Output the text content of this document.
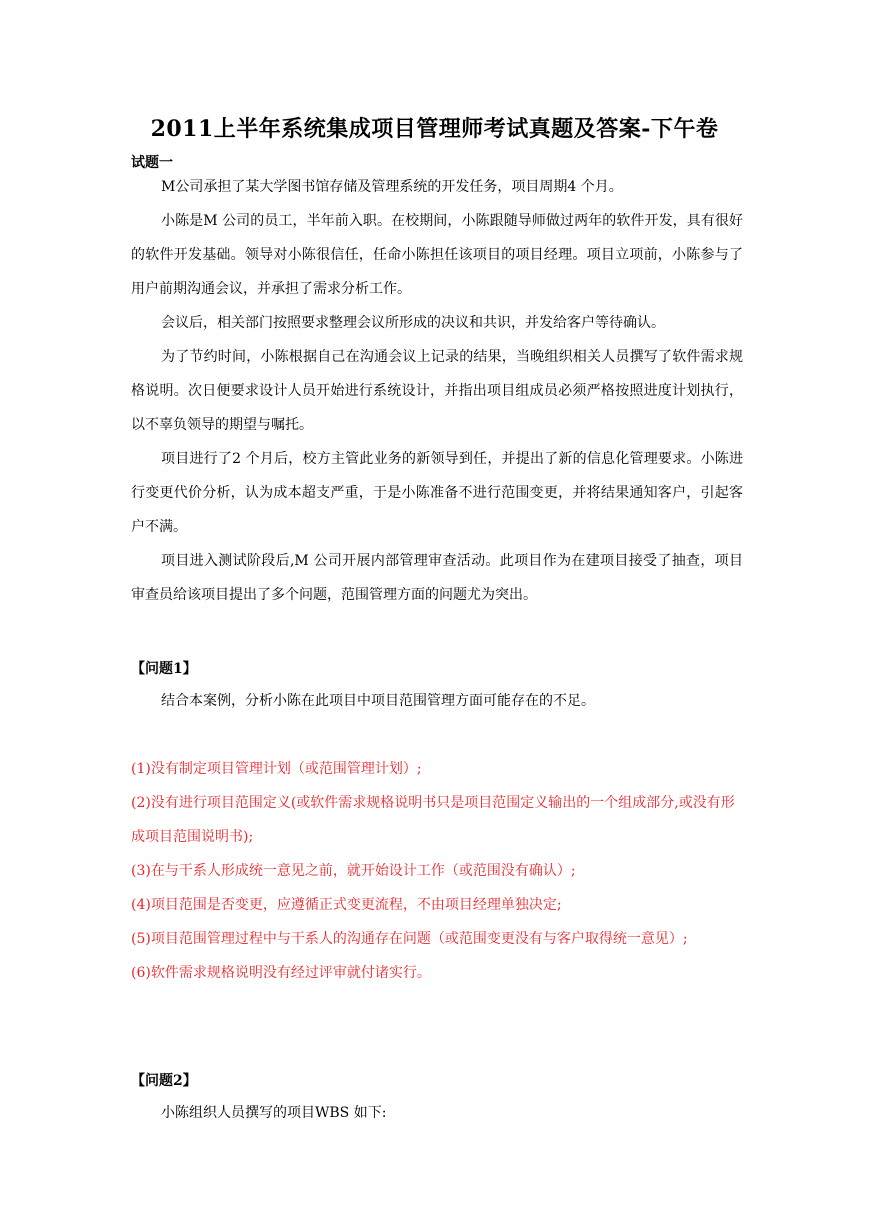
2011上半年系统集成项目管理师考试真题及答案-下午卷
试题一

M公司承担了某大学图书馆存储及管理系统的开发任务，项目周期4 个月。

小陈是M 公司的员工，半年前入职。在校期间，小陈跟随导师做过两年的软件开发，具有很好的软件开发基础。领导对小陈很信任，任命小陈担任该项目的项目经理。项目立项前，小陈参与了用户前期沟通会议，并承担了需求分析工作。

会议后，相关部门按照要求整理会议所形成的决议和共识，并发给客户等待确认。

为了节约时间，小陈根据自己在沟通会议上记录的结果，当晚组织相关人员撰写了软件需求规格说明。次日便要求设计人员开始进行系统设计，并指出项目组成员必须严格按照进度计划执行，以不辜负领导的期望与嘱托。

项目进行了2 个月后，校方主管此业务的新领导到任，并提出了新的信息化管理要求。小陈进行变更代价分析，认为成本超支严重，于是小陈准备不进行范围变更，并将结果通知客户，引起客户不满。

项目进入测试阶段后,M 公司开展内部管理审查活动。此项目作为在建项目接受了抽查，项目审查员给该项目提出了多个问题，范围管理方面的问题尤为突出。

【问题1】

结合本案例，分析小陈在此项目中项目范围管理方面可能存在的不足。

(1)没有制定项目管理计划（或范围管理计划）;
(2)没有进行项目范围定义(或软件需求规格说明书只是项目范围定义输出的一个组成部分,或没有形成项目范围说明书);
(3)在与干系人形成统一意见之前，就开始设计工作（或范围没有确认）;
(4)项目范围是否变更，应遵循正式变更流程，不由项目经理单独决定;
(5)项目范围管理过程中与干系人的沟通存在问题（或范围变更没有与客户取得统一意见）;
(6)软件需求规格说明没有经过评审就付诸实行。
【问题2】

小陈组织人员撰写的项目WBS 如下:
